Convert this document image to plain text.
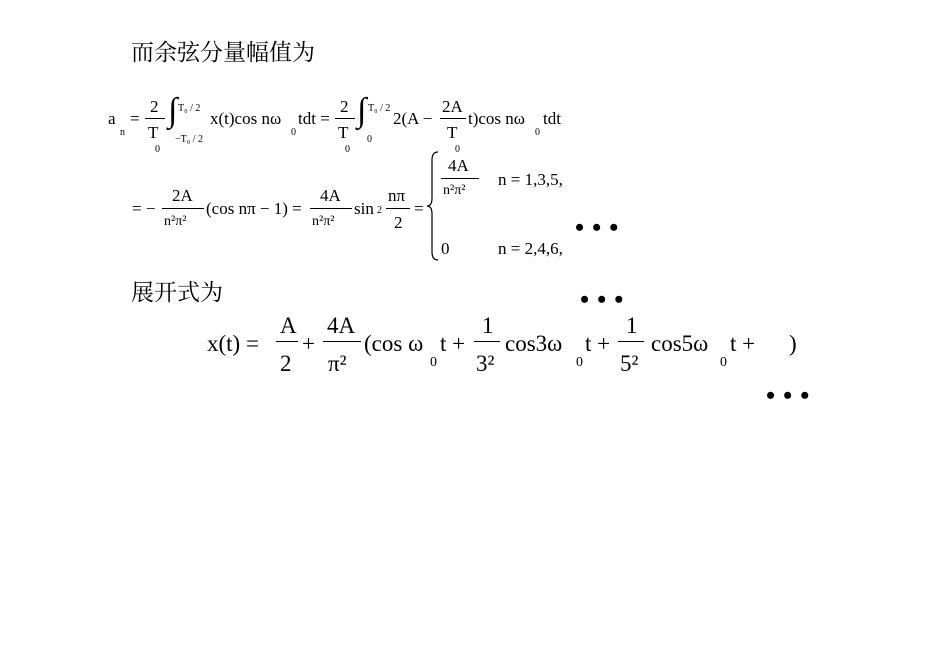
而余弦分量幅值为
a
n
=
2
T
0
∫ T₀ / 2
−T₀ / 2
x(t)cos nω
0
tdt =
2
T
0
∫ T₀ / 2
0
2(A −
2A
T
0
t)cos nω
0
tdt
= −
2A
n²π²
(cos nπ − 1) =
4A
n²π²
sin 2
nπ
2
=
4A
n²π²
n = 1,3,5,
0	n = 2,4,6,
•••
展开式为	•••
x(t) =
A
2
+
4A
π²
(cos ω
0
t +
1
3²
cos3ω
0
t +
1
5²
cos5ω
0
t + )
•••
